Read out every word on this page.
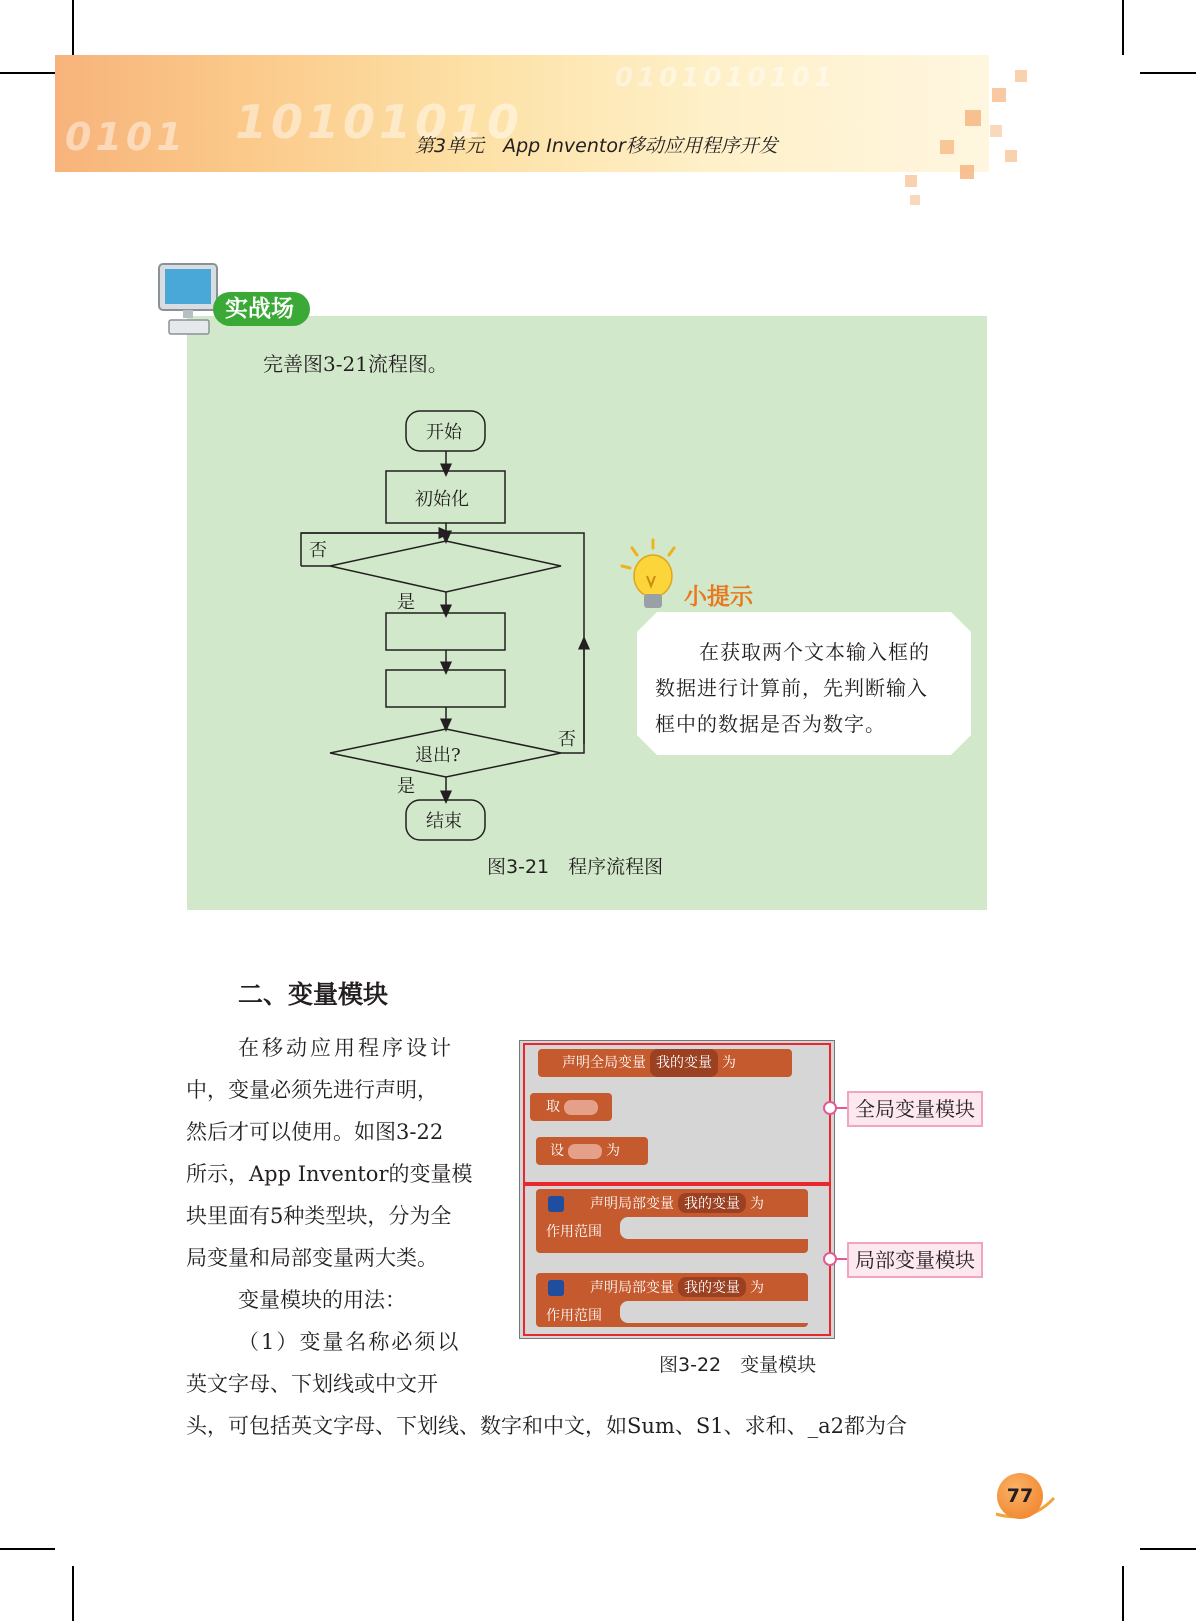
0101 10101010
0101010101
第3单元　App Inventor移动应用程序开发
实战场
完善图3-21流程图。
开始
初始化
否
是
退出?
否
是
结束
图3-21　程序流程图
小提示
在获取两个文本输入框的
数据进行计算前，先判断输入
框中的数据是否为数字。
二、变量模块
在移动应用程序设计
中，变量必须先进行声明，
然后才可以使用。如图3-22
所示，App Inventor的变量模
块里面有5种类型块，分为全
局变量和局部变量两大类。
变量模块的用法：
（1）变量名称必须以
英文字母、下划线或中文开
头，可包括英文字母、下划线、数字和中文，如Sum、S1、求和、_a2都为合
声明全局变量 我的变量 为
取
设	为
声明局部变量 我的变量 为
作用范围
声明局部变量 我的变量 为
作用范围
全局变量模块
局部变量模块
图3-22　变量模块
77
